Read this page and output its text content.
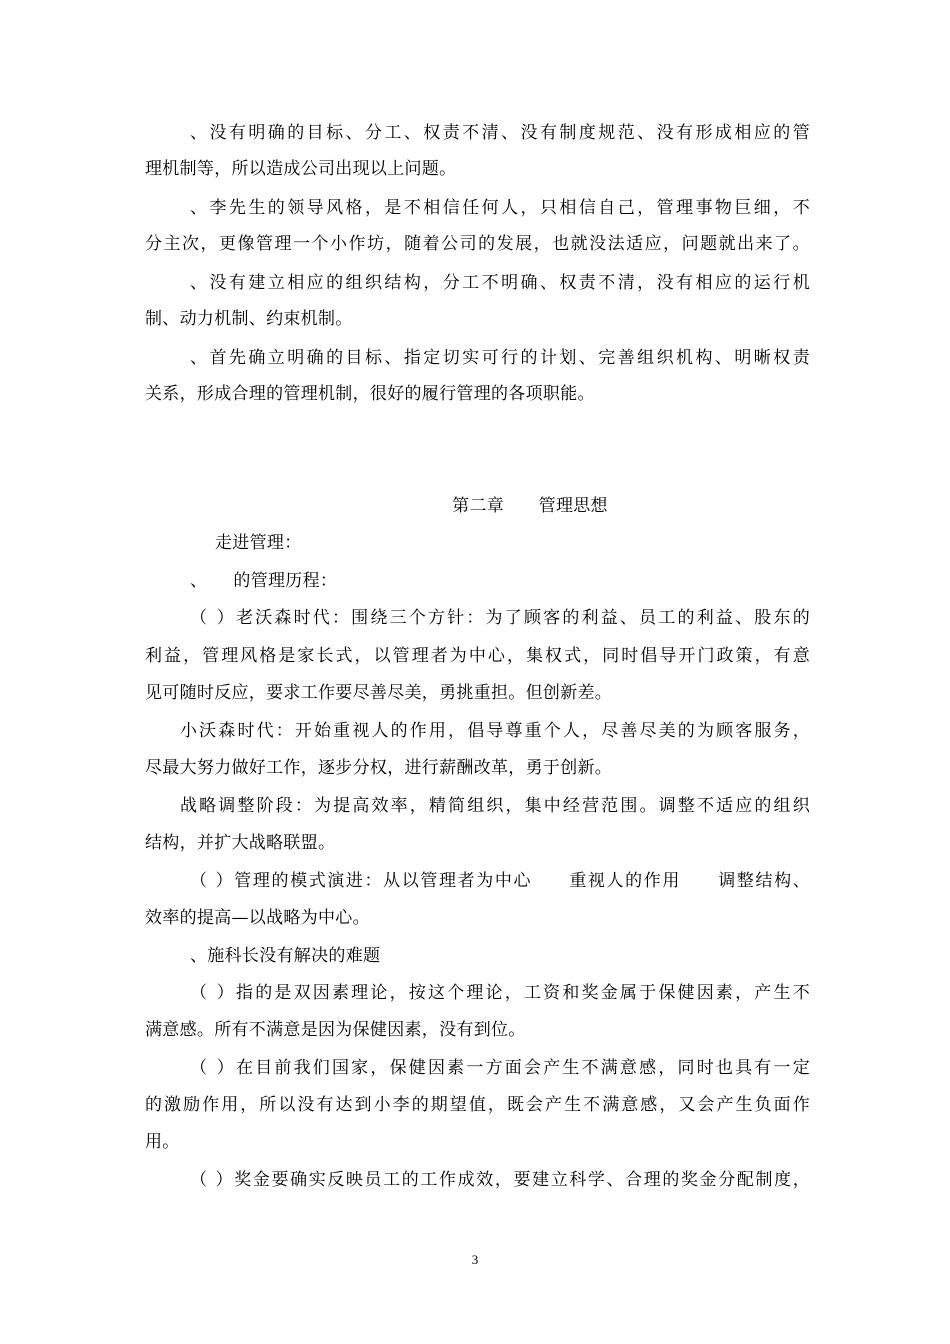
、没有明确的目标、分工、权责不清、没有制度规范、没有形成相应的管

理机制等，所以造成公司出现以上问题。

、李先生的领导风格，是不相信任何人，只相信自己，管理事物巨细，不

分主次，更像管理一个小作坊，随着公司的发展，也就没法适应，问题就出来了。

、没有建立相应的组织结构，分工不明确、权责不清，没有相应的运行机

制、动力机制、约束机制。

、首先确立明确的目标、指定切实可行的计划、完善组织机构、明晰权责

关系，形成合理的管理机制，很好的履行管理的各项职能。

第二章　　管理思想

走进管理：

、　　的管理历程：

（ ）老沃森时代：围绕三个方针：为了顾客的利益、员工的利益、股东的

利益，管理风格是家长式，以管理者为中心，集权式，同时倡导开门政策，有意

见可随时反应，要求工作要尽善尽美，勇挑重担。但创新差。

小沃森时代：开始重视人的作用，倡导尊重个人，尽善尽美的为顾客服务，

尽最大努力做好工作，逐步分权，进行薪酬改革，勇于创新。

战略调整阶段：为提高效率，精简组织，集中经营范围。调整不适应的组织

结构，并扩大战略联盟。

（ ）管理的模式演进：从以管理者为中心　　重视人的作用　　调整结构、

效率的提高—以战略为中心。

、施科长没有解决的难题

（ ）指的是双因素理论，按这个理论，工资和奖金属于保健因素，产生不

满意感。所有不满意是因为保健因素，没有到位。

（ ）在目前我们国家，保健因素一方面会产生不满意感，同时也具有一定

的激励作用，所以没有达到小李的期望值，既会产生不满意感，又会产生负面作

用。

（ ）奖金要确实反映员工的工作成效，要建立科学、合理的奖金分配制度，

3
